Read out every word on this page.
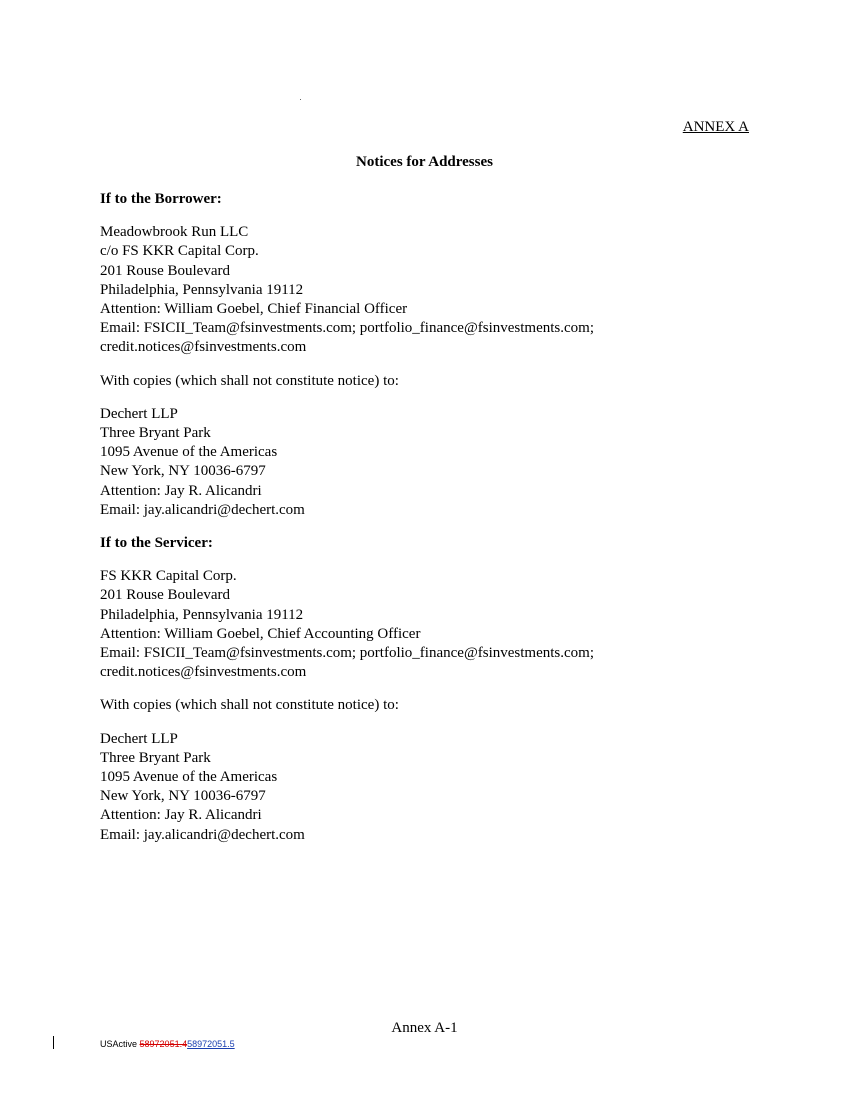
ANNEX A
Notices for Addresses
If to the Borrower:
Meadowbrook Run LLC
c/o FS KKR Capital Corp.
201 Rouse Boulevard
Philadelphia, Pennsylvania 19112
Attention: William Goebel, Chief Financial Officer
Email: FSICII_Team@fsinvestments.com; portfolio_finance@fsinvestments.com;
credit.notices@fsinvestments.com
With copies (which shall not constitute notice) to:
Dechert LLP
Three Bryant Park
1095 Avenue of the Americas
New York, NY 10036-6797
Attention: Jay R. Alicandri
Email: jay.alicandri@dechert.com
If to the Servicer:
FS KKR Capital Corp.
201 Rouse Boulevard
Philadelphia, Pennsylvania 19112
Attention: William Goebel, Chief Accounting Officer
Email: FSICII_Team@fsinvestments.com; portfolio_finance@fsinvestments.com;
credit.notices@fsinvestments.com
With copies (which shall not constitute notice) to:
Dechert LLP
Three Bryant Park
1095 Avenue of the Americas
New York, NY 10036-6797
Attention: Jay R. Alicandri
Email: jay.alicandri@dechert.com
Annex A-1
USActive 58972051.458972051.5
